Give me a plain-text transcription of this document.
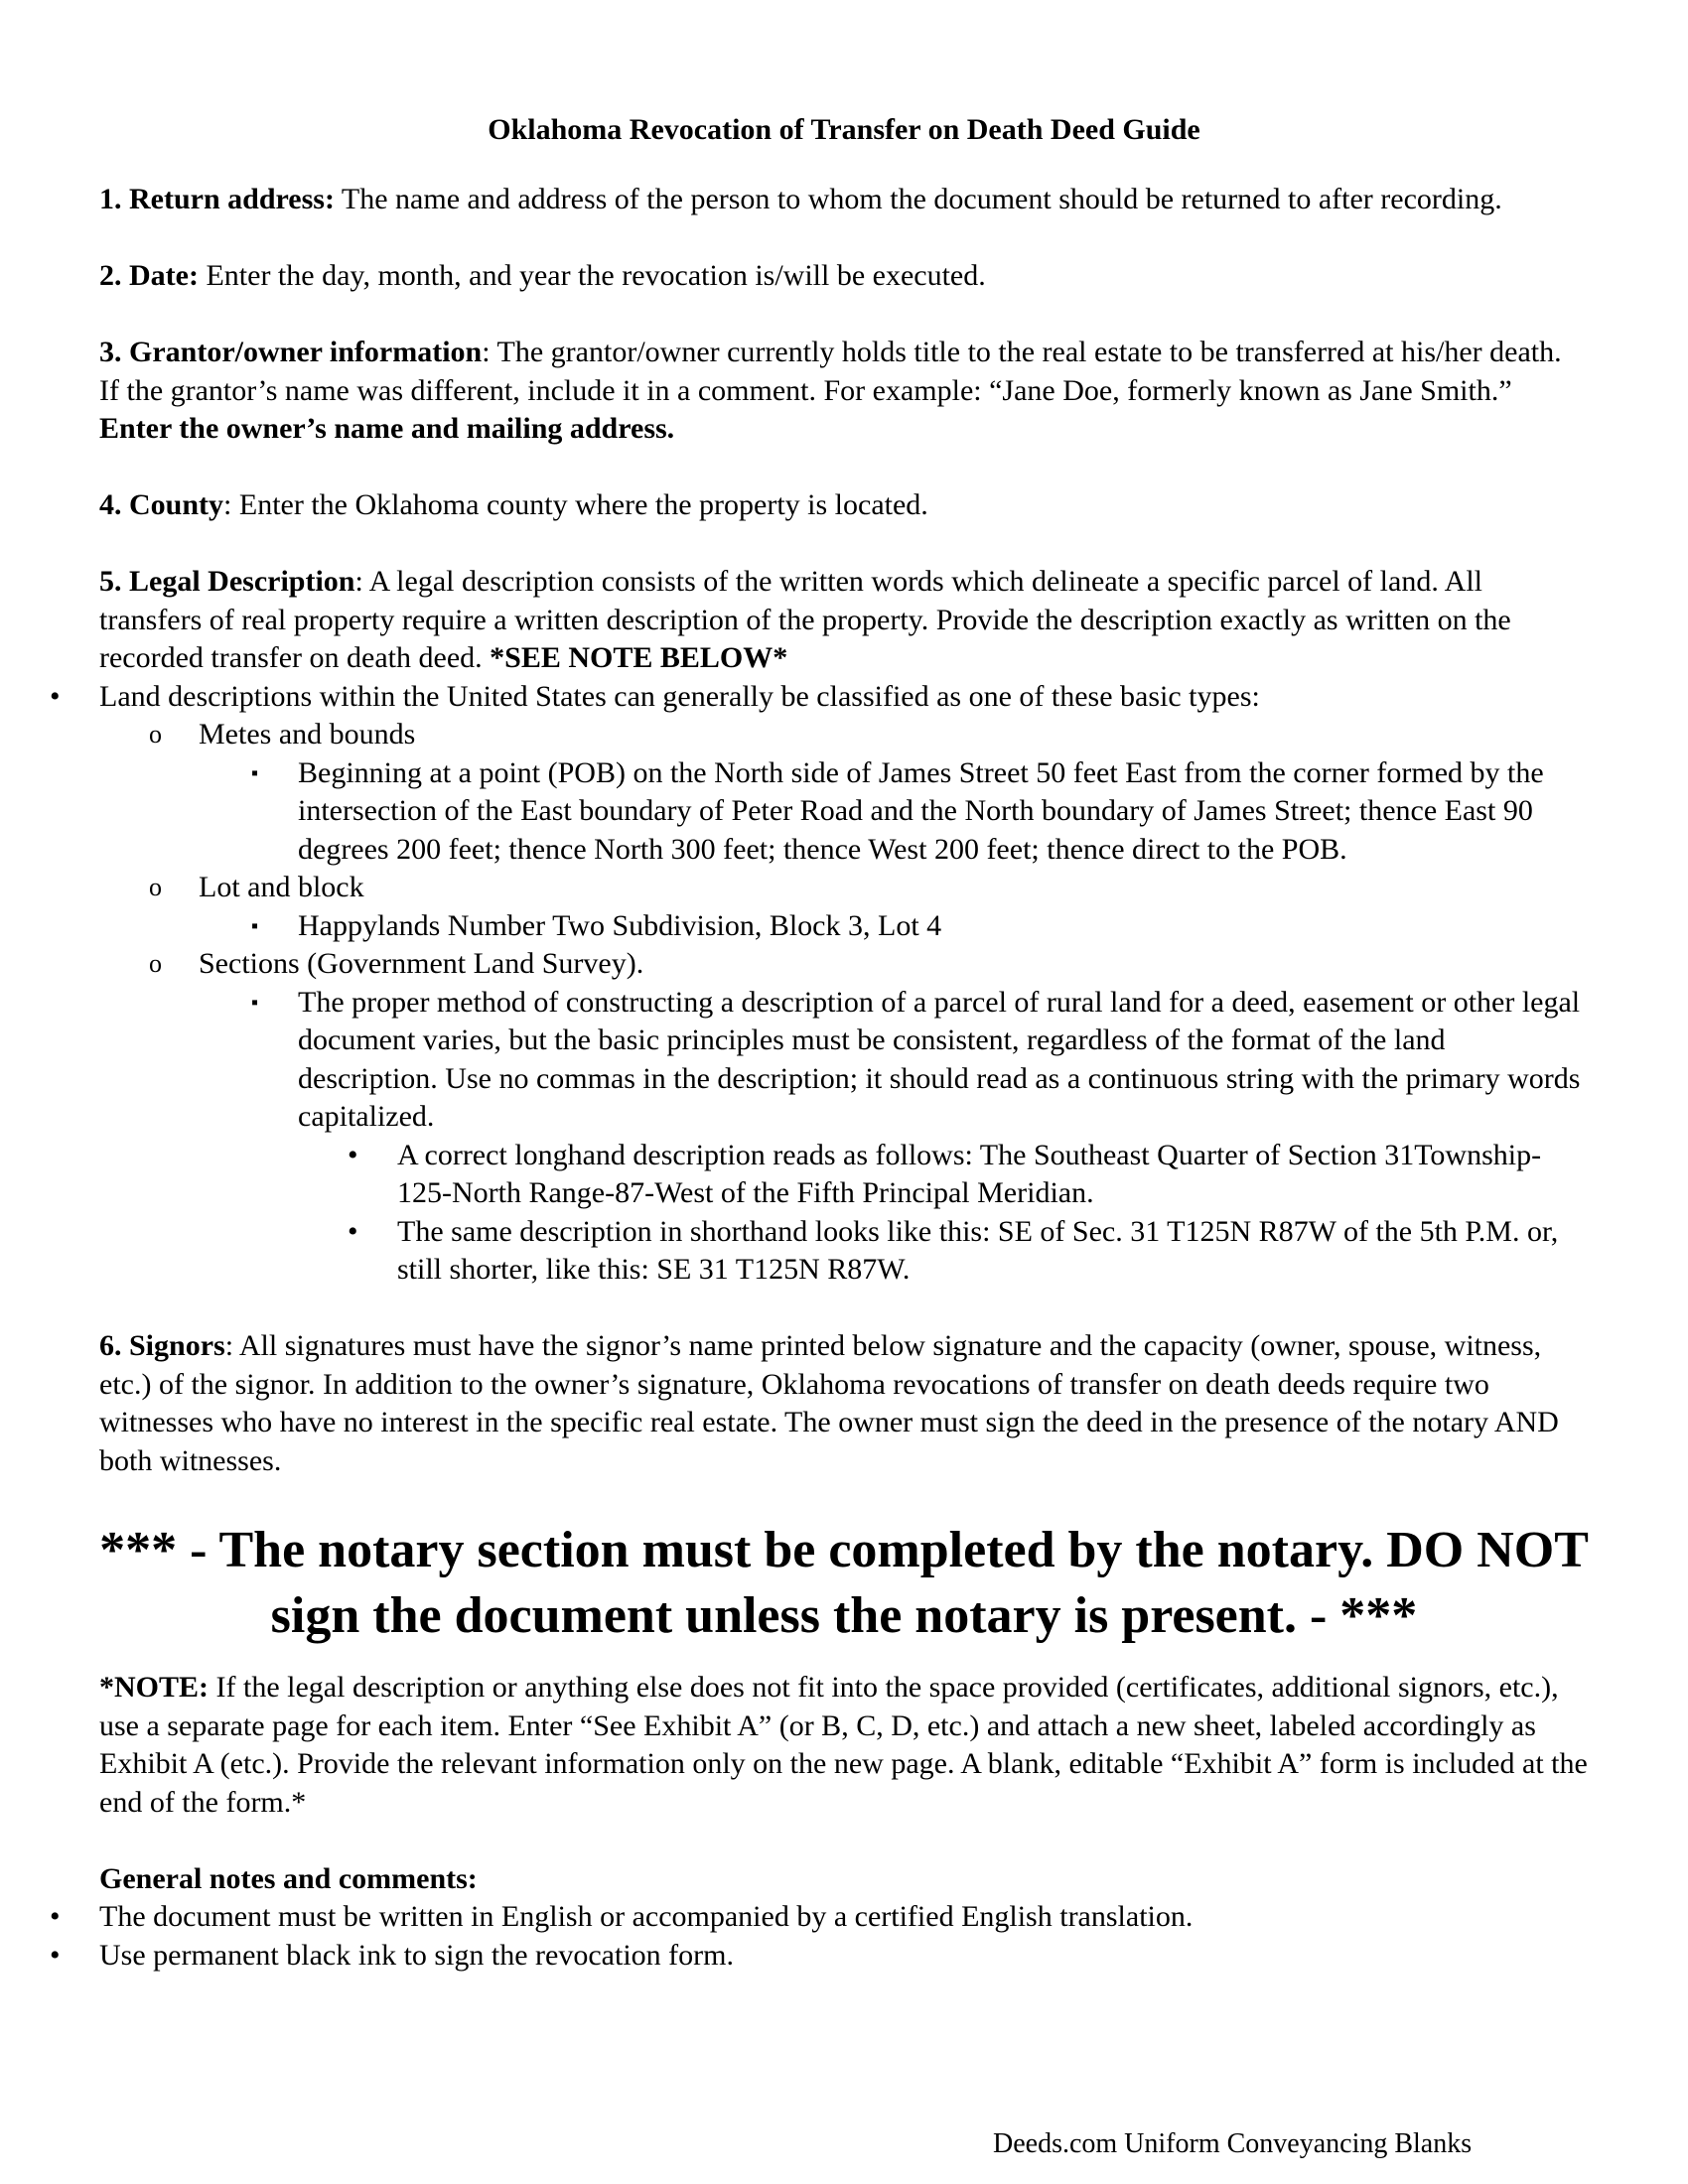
Oklahoma Revocation of Transfer on Death Deed Guide

1. Return address: The name and address of the person to whom the document should be returned to after recording.

2. Date: Enter the day, month, and year the revocation is/will be executed.

3. Grantor/owner information: The grantor/owner currently holds title to the real estate to be transferred at his/her death. If the grantor’s name was different, include it in a comment. For example: “Jane Doe, formerly known as Jane Smith.” Enter the owner’s name and mailing address.

4. County: Enter the Oklahoma county where the property is located.

5. Legal Description: A legal description consists of the written words which delineate a specific parcel of land. All transfers of real property require a written description of the property. Provide the description exactly as written on the recorded transfer on death deed. *SEE NOTE BELOW*

• Land descriptions within the United States can generally be classified as one of these basic types:
o Metes and bounds
▪ Beginning at a point (POB) on the North side of James Street 50 feet East from the corner formed by the intersection of the East boundary of Peter Road and the North boundary of James Street; thence East 90 degrees 200 feet; thence North 300 feet; thence West 200 feet; thence direct to the POB.
o Lot and block
▪ Happylands Number Two Subdivision, Block 3, Lot 4
o Sections (Government Land Survey).
▪ The proper method of constructing a description of a parcel of rural land for a deed, easement or other legal document varies, but the basic principles must be consistent, regardless of the format of the land description. Use no commas in the description; it should read as a continuous string with the primary words capitalized.
• A correct longhand description reads as follows: The Southeast Quarter of Section 31Township-125-North Range-87-West of the Fifth Principal Meridian.
• The same description in shorthand looks like this: SE of Sec. 31 T125N R87W of the 5th P.M. or, still shorter, like this: SE 31 T125N R87W.

6. Signors: All signatures must have the signor’s name printed below signature and the capacity (owner, spouse, witness, etc.) of the signor. In addition to the owner’s signature, Oklahoma revocations of transfer on death deeds require two witnesses who have no interest in the specific real estate. The owner must sign the deed in the presence of the notary AND both witnesses.

*** - The notary section must be completed by the notary. DO NOT sign the document unless the notary is present. - ***

*NOTE: If the legal description or anything else does not fit into the space provided (certificates, additional signors, etc.), use a separate page for each item. Enter “See Exhibit A” (or B, C, D, etc.) and attach a new sheet, labeled accordingly as Exhibit A (etc.). Provide the relevant information only on the new page. A blank, editable “Exhibit A” form is included at the end of the form.*

General notes and comments:

• The document must be written in English or accompanied by a certified English translation.
• Use permanent black ink to sign the revocation form.
Deeds.com Uniform Conveyancing Blanks
